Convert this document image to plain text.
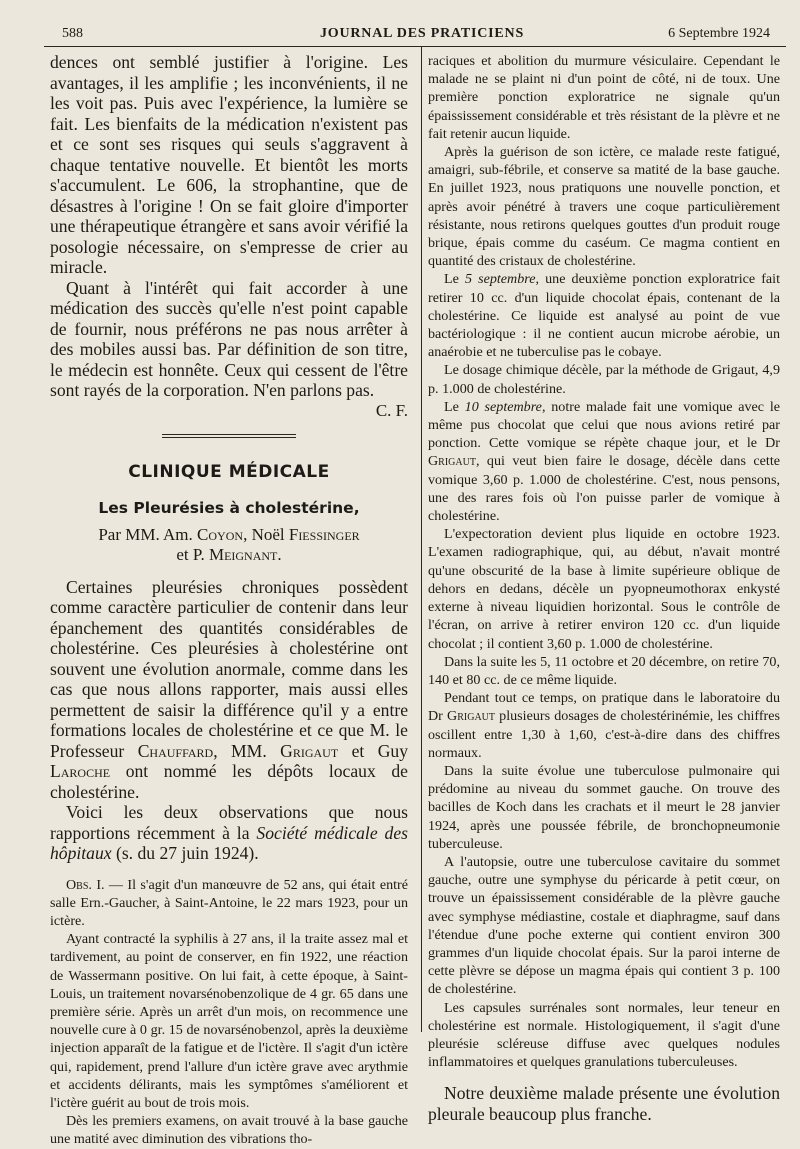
588	JOURNAL DES PRATICIENS	6 Septembre 1924

dences ont semblé justifier à l'origine. Les avantages, il les amplifie ; les inconvénients, il ne les voit pas. Puis avec l'expérience, la lumière se fait. Les bienfaits de la médication n'existent pas et ce sont ses risques qui seuls s'aggravent à chaque tentative nouvelle. Et bientôt les morts s'accumulent. Le 606, la strophantine, que de désastres à l'origine ! On se fait gloire d'importer une thérapeutique étrangère et sans avoir vérifié la posologie nécessaire, on s'empresse de crier au miracle.

Quant à l'intérêt qui fait accorder à une médication des succès qu'elle n'est point capable de fournir, nous préférons ne pas nous arrêter à des mobiles aussi bas. Par définition de son titre, le médecin est honnête. Ceux qui cessent de l'être sont rayés de la corporation. N'en parlons pas.

C. F.

CLINIQUE MÉDICALE
Les Pleurésies à cholestérine,
Par MM. Am. Coyon, Noël Fiessinger
et P. Meignant.

Certaines pleurésies chroniques possèdent comme caractère particulier de contenir dans leur épanchement des quantités considérables de cholestérine. Ces pleurésies à cholestérine ont souvent une évolution anormale, comme dans les cas que nous allons rapporter, mais aussi elles permettent de saisir la différence qu'il y a entre formations locales de cholestérine et ce que M. le Professeur Chauffard, MM. Grigaut et Guy Laroche ont nommé les dépôts locaux de cholestérine.

Voici les deux observations que nous rapportions récemment à la Société médicale des hôpitaux (s. du 27 juin 1924).

Obs. I. — Il s'agit d'un manœuvre de 52 ans, qui était entré salle Ern.-Gaucher, à Saint-Antoine, le 22 mars 1923, pour un ictère.

Ayant contracté la syphilis à 27 ans, il la traite assez mal et tardivement, au point de conserver, en fin 1922, une réaction de Wassermann positive. On lui fait, à cette époque, à Saint-Louis, un traitement novarsénobenzolique de 4 gr. 65 dans une première série. Après un arrêt d'un mois, on recommence une nouvelle cure à 0 gr. 15 de novarsénobenzol, après la deuxième injection apparaît de la fatigue et de l'ictère. Il s'agit d'un ictère qui, rapidement, prend l'allure d'un ictère grave avec arythmie et accidents délirants, mais les symptômes s'améliorent et l'ictère guérit au bout de trois mois.

Dès les premiers examens, on avait trouvé à la base gauche une matité avec diminution des vibrations tho-

raciques et abolition du murmure vésiculaire. Cependant le malade ne se plaint ni d'un point de côté, ni de toux. Une première ponction exploratrice ne signale qu'un épaississement considérable et très résistant de la plèvre et ne fait retenir aucun liquide.

Après la guérison de son ictère, ce malade reste fatigué, amaigri, sub-fébrile, et conserve sa matité de la base gauche. En juillet 1923, nous pratiquons une nouvelle ponction, et après avoir pénétré à travers une coque particulièrement résistante, nous retirons quelques gouttes d'un produit rouge brique, épais comme du caséum. Ce magma contient en quantité des cristaux de cholestérine.

Le 5 septembre, une deuxième ponction exploratrice fait retirer 10 cc. d'un liquide chocolat épais, contenant de la cholestérine. Ce liquide est analysé au point de vue bactériologique : il ne contient aucun microbe aérobie, un anaérobie et ne tuberculise pas le cobaye.

Le dosage chimique décèle, par la méthode de Grigaut, 4,9 p. 1.000 de cholestérine.

Le 10 septembre, notre malade fait une vomique avec le même pus chocolat que celui que nous avions retiré par ponction. Cette vomique se répète chaque jour, et le Dr Grigaut, qui veut bien faire le dosage, décèle dans cette vomique 3,60 p. 1.000 de cholestérine. C'est, nous pensons, une des rares fois où l'on puisse parler de vomique à cholestérine.

L'expectoration devient plus liquide en octobre 1923. L'examen radiographique, qui, au début, n'avait montré qu'une obscurité de la base à limite supérieure oblique de dehors en dedans, décèle un pyopneumothorax enkysté externe à niveau liquidien horizontal. Sous le contrôle de l'écran, on arrive à retirer environ 120 cc. d'un liquide chocolat ; il contient 3,60 p. 1.000 de cholestérine.

Dans la suite les 5, 11 octobre et 20 décembre, on retire 70, 140 et 80 cc. de ce même liquide.

Pendant tout ce temps, on pratique dans le laboratoire du Dr Grigaut plusieurs dosages de cholestérinémie, les chiffres oscillent entre 1,30 à 1,60, c'est-à-dire dans des chiffres normaux.

Dans la suite évolue une tuberculose pulmonaire qui prédomine au niveau du sommet gauche. On trouve des bacilles de Koch dans les crachats et il meurt le 28 janvier 1924, après une poussée fébrile, de bronchopneumonie tuberculeuse.

A l'autopsie, outre une tuberculose cavitaire du sommet gauche, outre une symphyse du péricarde à petit cœur, on trouve un épaississement considérable de la plèvre gauche avec symphyse médiastine, costale et diaphragme, sauf dans l'étendue d'une poche externe qui contient environ 300 grammes d'un liquide chocolat épais. Sur la paroi interne de cette plèvre se dépose un magma épais qui contient 3 p. 100 de cholestérine.

Les capsules surrénales sont normales, leur teneur en cholestérine est normale. Histologiquement, il s'agit d'une pleurésie scléreuse diffuse avec quelques nodules inflammatoires et quelques granulations tuberculeuses.

Notre deuxième malade présente une évolution pleurale beaucoup plus franche.
